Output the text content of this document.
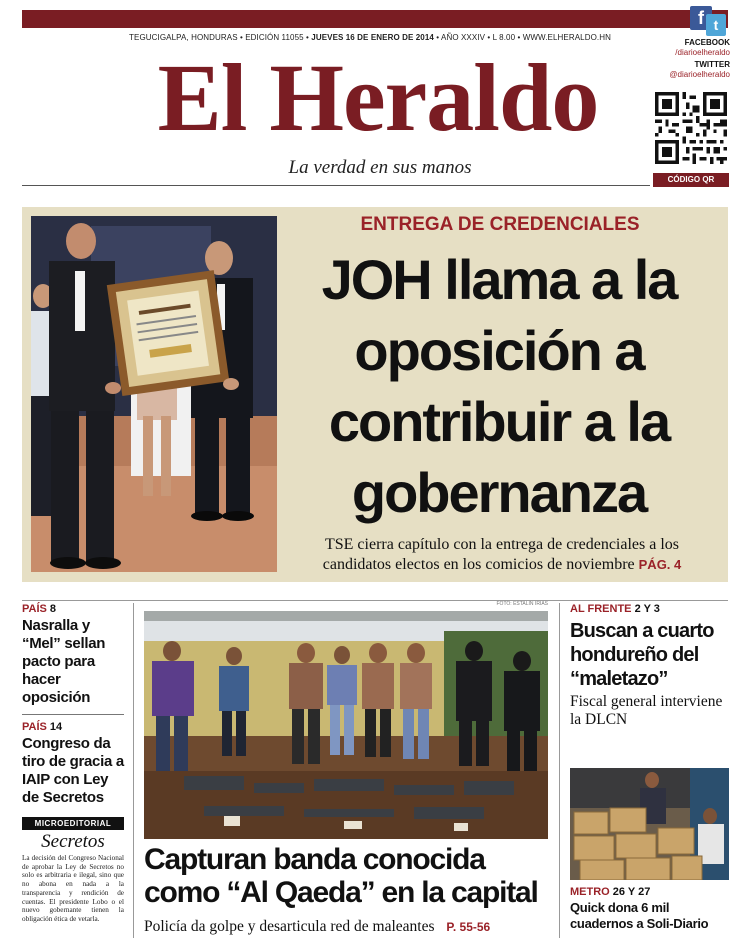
TEGUCIGALPA, HONDURAS • EDICIÓN 11055 • JUEVES 16 DE ENERO DE 2014 • AÑO XXXIV • L 8.00 • WWW.ELHERALDO.HN
f t
FACEBOOK
/diarioelheraldo
TWITTER
@diarioelheraldo
El Heraldo
La verdad en sus manos
CÓDIGO QR
ENTREGA DE CREDENCIALES
JOH llama a la oposición a contribuir a la gobernanza
TSE cierra capítulo con la entrega de credenciales a los candidatos electos en los comicios de noviembre PÁG. 4
PAÍS 8
Nasralla y “Mel” sellan pacto para hacer oposición
PAÍS 14
Congreso da tiro de gracia a IAIP con Ley de Secretos
MICROEDITORIAL
Secretos
La decisión del Congreso Nacional de aprobar la Ley de Secretos no solo es arbitraria e ilegal, sino que no abona en nada a la transparencia y rendición de cuentas. El presidente Lobo o el nuevo gobernante tienen la obligación ética de vetarla.
FOTO: ESTALIN IRIAS
Capturan banda conocida como “Al Qaeda” en la capital
Policía da golpe y desarticula red de maleantes P. 55-56
AL FRENTE 2 Y 3
Buscan a cuarto hondureño del “maletazo”
Fiscal general interviene la DLCN
METRO 26 Y 27
Quick dona 6 mil cuadernos a Soli-Diario
